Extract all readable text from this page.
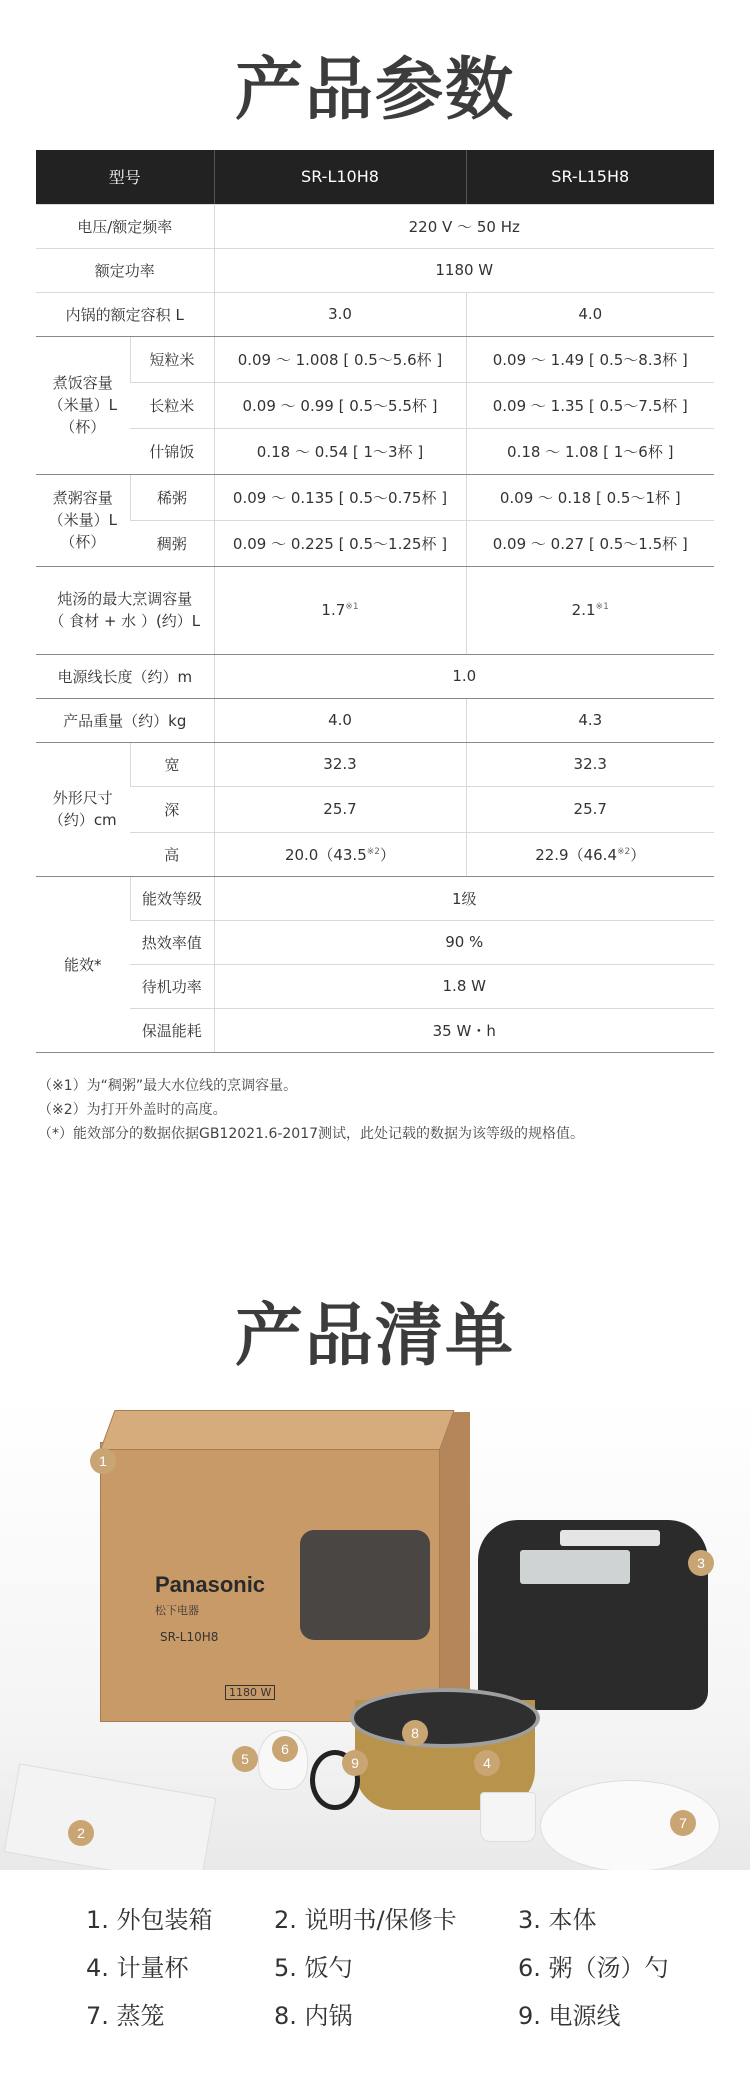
产品参数
型号		SR-L10H8	SR-L15H8
电压/额定频率		220 V ～ 50 Hz	
额定功率		1180 W	
内锅的额定容积 L		3.0	4.0

煮饭容量
（米量）L（杯）	短粒米	0.09 ～ 1.008 [ 0.5～5.6杯 ]	0.09 ～ 1.49 [ 0.5～8.3杯 ]
	长粒米	0.09 ～ 0.99 [ 0.5～5.5杯 ]	0.09 ～ 1.35 [ 0.5～7.5杯 ]
	什锦饭	0.18 ～ 0.54 [ 1～3杯 ]	0.18 ～ 1.08 [ 1～6杯 ]

煮粥容量
（米量）L（杯）	稀粥	0.09 ～ 0.135 [ 0.5～0.75杯 ]	0.09 ～ 0.18 [ 0.5～1杯 ]
	稠粥	0.09 ～ 0.225 [ 0.5～1.25杯 ]	0.09 ～ 0.27 [ 0.5～1.5杯 ]

炖汤的最大烹调容量
（ 食材 + 水 ）(约）L		1.7$^{※1}$	2.1$^{※1}$
电源线长度（约）m		1.0	
产品重量（约）kg		4.0	4.3

外形尺寸
（约）cm	宽	32.3	32.3
	深	25.7	25.7
	高	20.0（43.5$^{※2}$）	22.9（46.4$^{※2}$）
能效*	能效等级	1级	
	热效率值	90 %	
	待机功率	1.8 W	
	保温能耗	35 W・h	
（※1）为“稠粥”最大水位线的烹调容量。
（※2）为打开外盖时的高度。
（*）能效部分的数据依据GB12021.6-2017测试，此处记载的数据为该等级的规格值。
产品清单
Panasonic
松下电器
SR-L10H8
1180 W
1
2
3
4
5
6
7
8
9
1. 外包装箱	2. 说明书/保修卡	3. 本体
4. 计量杯	5. 饭勺	6. 粥（汤）勺
7. 蒸笼	8. 内锅	9. 电源线
